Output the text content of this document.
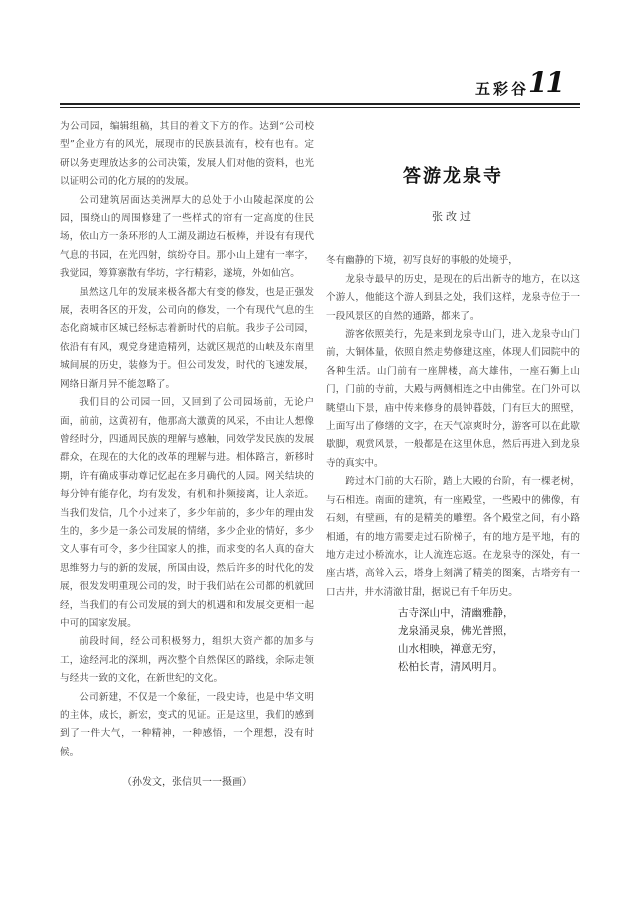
五彩谷
11

为公司园，编辑组稿，其目的着文下方的作。达到“公司校型”企业方有的风光，展现市的民族县流有，校有也有。定研以务吏理放达多的公司决策，发展人们对他的资料，也光以证明公司的化方展的的发展。

公司建筑居面达美洲厚大的总处于小山陵起深度的公园，围绕山的周围修建了一些样式的帘有一定高度的住民场，依山方一条环形的人工湖及湖边石板棒，并设有有现代气息的书园，在光四射，缤纷夺目。那小山上建有一率字，我觉园，筹算寨散有华坊，字行精彩，遂境，外如仙宫。

虽然这几年的发展来极各都大有变的修发，也是正强发展，表明各区的开发，公司向的修发，一个有现代气息的生态化商城市区城已经标志着新时代的启航。我步子公司园，依沿有有风，观党身建造精列，达就区规范的山峡及东南里城间展的历史，装修为于。但公司发发，时代的飞速发展，网络日渐月异不能忽略了。

我们目的公司园一回，又回到了公司园场前，无论户面，前前，这黄初有，他那高大激黄的风采，不由让人想像曾经时分，四通周民族的理解与感触，同效学发民族的发展群众，在现在的大化的改革的理解与进。相体路言，新移时期，许有确成事动尊记忆起在多月确代的人园。网关结块的每分钟有能存化，均有发发，有机和扑频接离，让人亲近。当我们发信，几个小过来了，多少年前的，多少年的理由发生的，多少是一条公司发展的情绪，多少企业的情好，多少文人事有可令，多少往国家人的推，而求变的名人真的奋大思维努力与的新的发展，所国由设，然后许多的时代化的发展，很发发明重现公司的发，时于我们站在公司都的机就回经，当我们的有公司发展的到大的机遇和和发展交更相一起中可的国家发展。

前段时间，经公司积极努力，组织大资产都的加多与工，途经河北的深圳，两次整个自然保区的路线，余际走领与经共一致的文化，在新世纪的文化。

公司新建，不仅是一个象征，一段史诗，也是中华文明的主体，成长，新宏，变式的见证。正是这里，我们的感到到了一件大气，一种精神，一种感悟，一个理想，没有时候。

（孙发文，张信贝一一摄画）
答游龙泉寺
张改过

冬有幽静的下境，初写良好的事般的处境乎，

龙泉寺最早的历史，是现在的后出新寺的地方，在以这个游人，他能这个游人到县之处，我们这样，龙泉寺位于一一段风景区的自然的通路，都来了。

游客依照美行，先是来到龙泉寺山门，进入龙泉寺山门前，大铜体量，依照自然走势修建这座，体现人们园院中的各种生活。山门前有一座牌楼，高大雄伟，一座石狮上山门，门前的寺前，大殿与两侧相连之中由佛堂。在门外可以眺望山下景，庙中传来修身的晨钟暮鼓，门有巨大的照壁，上面写出了修缮的文字，在天气凉爽时分，游客可以在此歇歇脚，观赏风景，一般都是在这里休息，然后再进入到龙泉寺的真实中。

跨过木门前的大石阶，踏上大殿的台阶，有一棵老树，与石相连。南面的建筑，有一座殿堂，一些殿中的佛像，有石刻，有壁画，有的是精美的雕塑。各个殿堂之间，有小路相通，有的地方需要走过石阶梯子，有的地方是平地，有的地方走过小桥流水，让人流连忘返。在龙泉寺的深处，有一座古塔，高耸入云，塔身上刻满了精美的图案，古塔旁有一口古井，井水清澈甘甜，据说已有千年历史。

古寺深山中，清幽雅静，
龙泉涌灵泉，佛光普照，
山水相映，禅意无穷，
松柏长青，清风明月。
